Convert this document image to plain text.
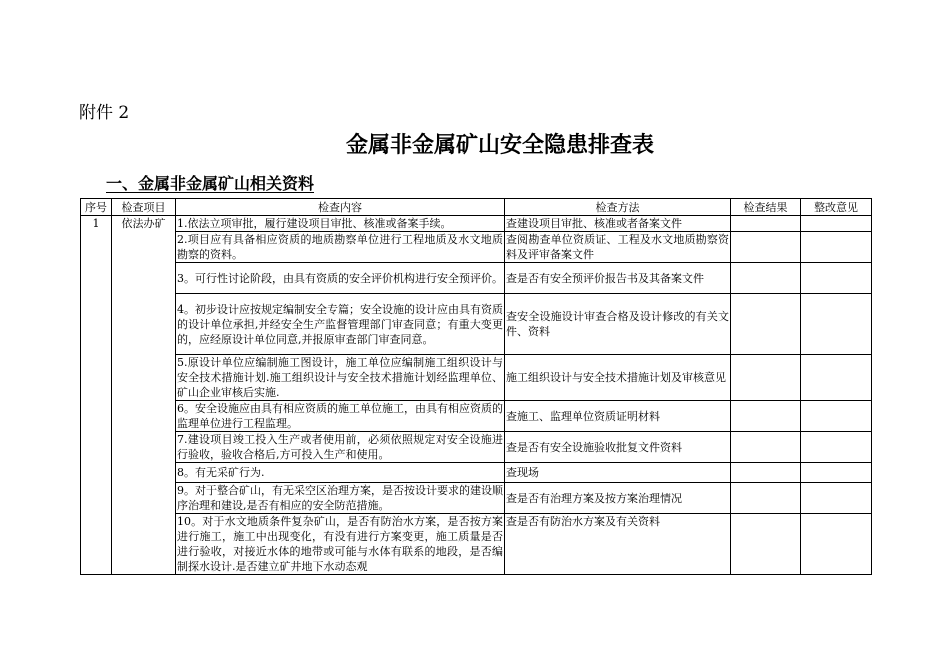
附件 2
金属非金属矿山安全隐患排查表
一、金属非金属矿山相关资料
序号	检查项目	检查内容	检查方法	检查结果	整改意见
1	依法办矿	1.依法立项审批，履行建设项目审批、核准或备案手续。	查建设项目审批、核准或者备案文件		
		2.项目应有具备相应资质的地质勘察单位进行工程地质及水文地质勘察的资料。	查阅勘查单位资质证、工程及水文地质勘察资料及评审备案文件		
		3。可行性讨论阶段，由具有资质的安全评价机构进行安全预评价。	查是否有安全预评价报告书及其备案文件		
		4。初步设计应按规定编制安全专篇；安全设施的设计应由具有资质的设计单位承担,并经安全生产监督管理部门审查同意；有重大变更的，应经原设计单位同意,并报原审查部门审查同意。	查安全设施设计审查合格及设计修改的有关文件、资料		
		5.原设计单位应编制施工图设计，施工单位应编制施工组织设计与安全技术措施计划.施工组织设计与安全技术措施计划经监理单位、矿山企业审核后实施.	施工组织设计与安全技术措施计划及审核意见		
		6。安全设施应由具有相应资质的施工单位施工，由具有相应资质的监理单位进行工程监理。	查施工、监理单位资质证明材料		
		7.建设项目竣工投入生产或者使用前，必须依照规定对安全设施进行验收，验收合格后,方可投入生产和使用。	查是否有安全设施验收批复文件资料		
		8。有无采矿行为.	查现场		
		9。对于整合矿山，有无采空区治理方案，是否按设计要求的建设顺序治理和建设,是否有相应的安全防范措施。	查是否有治理方案及按方案治理情况		
		10。对于水文地质条件复杂矿山，是否有防治水方案，是否按方案进行施工，施工中出现变化，有没有进行方案变更，施工质量是否进行验收，对接近水体的地带或可能与水体有联系的地段，是否编制探水设计.是否建立矿井地下水动态观	查是否有防治水方案及有关资料		
